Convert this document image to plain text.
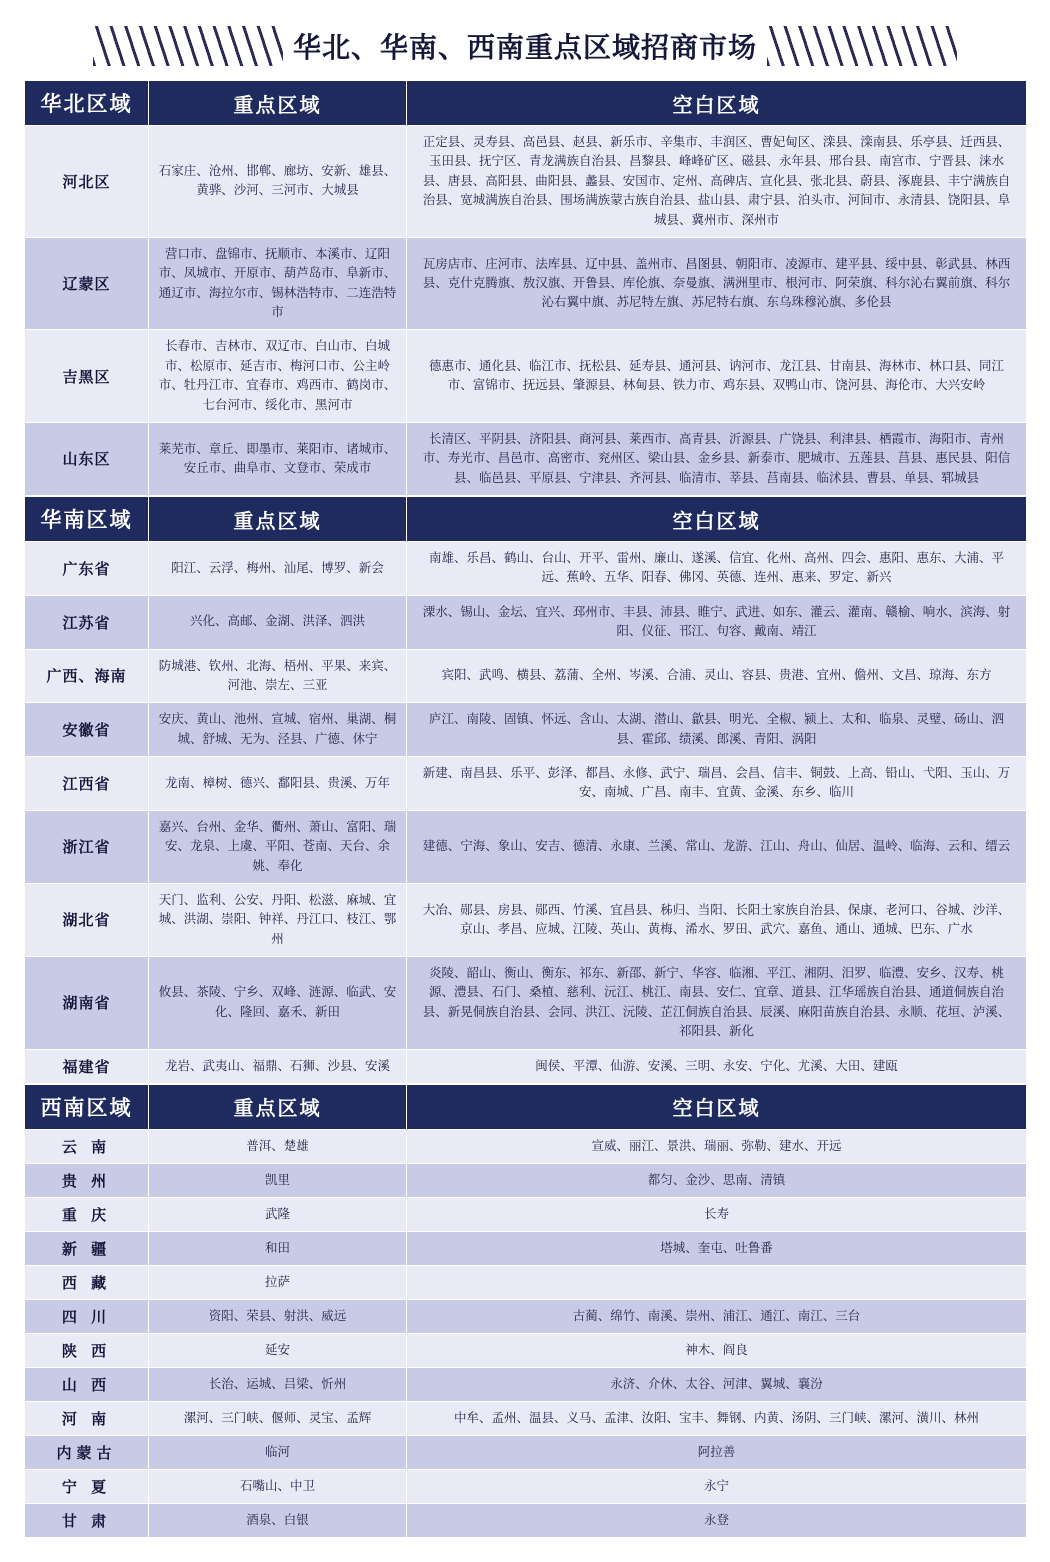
华北、华南、西南重点区域招商市场
华北区域	重点区域	空白区域
河北区	石家庄、沧州、邯郸、廊坊、安新、雄县、黄骅、沙河、三河市、大城县	正定县、灵寿县、高邑县、赵县、新乐市、辛集市、丰润区、曹妃甸区、滦县、滦南县、乐亭县、迁西县、玉田县、抚宁区、青龙满族自治县、昌黎县、峰峰矿区、磁县、永年县、邢台县、南宫市、宁晋县、涞水县、唐县、高阳县、曲阳县、蠡县、安国市、定州、高碑店、宣化县、张北县、蔚县、涿鹿县、丰宁满族自治县、宽城满族自治县、围场满族蒙古族自治县、盐山县、肃宁县、泊头市、河间市、永清县、饶阳县、阜城县、冀州市、深州市
辽蒙区	营口市、盘锦市、抚顺市、本溪市、辽阳市、凤城市、开原市、葫芦岛市、阜新市、通辽市、海拉尔市、锡林浩特市、二连浩特市	瓦房店市、庄河市、法库县、辽中县、盖州市、昌图县、朝阳市、凌源市、建平县、绥中县、彰武县、林西县、克什克腾旗、敖汉旗、开鲁县、库伦旗、奈曼旗、满洲里市、根河市、阿荣旗、科尔沁右翼前旗、科尔沁右翼中旗、苏尼特左旗、苏尼特右旗、东乌珠穆沁旗、多伦县
吉黑区	长春市、吉林市、双辽市、白山市、白城市、松原市、延吉市、梅河口市、公主岭市、牡丹江市、宜春市、鸡西市、鹤岗市、七台河市、绥化市、黑河市	德惠市、通化县、临江市、抚松县、延寿县、通河县、讷河市、龙江县、甘南县、海林市、林口县、同江市、富锦市、抚远县、肇源县、林甸县、铁力市、鸡东县、双鸭山市、饶河县、海伦市、大兴安岭
山东区	莱芜市、章丘、即墨市、莱阳市、诸城市、安丘市、曲阜市、文登市、荣成市	长清区、平阴县、济阳县、商河县、莱西市、高青县、沂源县、广饶县、利津县、栖霞市、海阳市、青州市、寿光市、昌邑市、高密市、兖州区、梁山县、金乡县、新泰市、肥城市、五莲县、莒县、惠民县、阳信县、临邑县、平原县、宁津县、齐河县、临清市、莘县、莒南县、临沭县、曹县、单县、郓城县
华南区域	重点区域	空白区域
广东省	阳江、云浮、梅州、汕尾、博罗、新会	南雄、乐昌、鹤山、台山、开平、雷州、廉山、遂溪、信宜、化州、高州、四会、惠阳、惠东、大浦、平远、蕉岭、五华、阳春、佛冈、英德、连州、惠来、罗定、新兴
江苏省	兴化、高邮、金湖、洪泽、泗洪	溧水、锡山、金坛、宜兴、邳州市、丰县、沛县、睢宁、武进、如东、灌云、灌南、赣榆、响水、滨海、射阳、仪征、邗江、句容、戴南、靖江
广西、海南	防城港、钦州、北海、梧州、平果、来宾、河池、崇左、三亚	宾阳、武鸣、横县、荔蒲、全州、岑溪、合浦、灵山、容县、贵港、宜州、儋州、文昌、琼海、东方
安徽省	安庆、黄山、池州、宣城、宿州、巢湖、桐城、舒城、无为、泾县、广德、休宁	庐江、南陵、固镇、怀远、含山、太湖、潜山、歙县、明光、全椒、颍上、太和、临泉、灵璧、砀山、泗县、霍邱、绩溪、郎溪、青阳、涡阳
江西省	龙南、樟树、德兴、鄱阳县、贵溪、万年	新建、南昌县、乐平、彭泽、都昌、永修、武宁、瑞昌、会昌、信丰、铜鼓、上高、铅山、弋阳、玉山、万安、南城、广昌、南丰、宜黄、金溪、东乡、临川
浙江省	嘉兴、台州、金华、衢州、萧山、富阳、瑞安、龙泉、上虞、平阳、苍南、天台、余姚、奉化	建德、宁海、象山、安吉、德清、永康、兰溪、常山、龙游、江山、舟山、仙居、温岭、临海、云和、缙云
湖北省	天门、监利、公安、丹阳、松滋、麻城、宜城、洪湖、崇阳、钟祥、丹江口、枝江、鄂州	大冶、郧县、房县、郧西、竹溪、宜昌县、秭归、当阳、长阳土家族自治县、保康、老河口、谷城、沙洋、京山、孝昌、应城、江陵、英山、黄梅、浠水、罗田、武穴、嘉鱼、通山、通城、巴东、广水
湖南省	攸县、茶陵、宁乡、双峰、涟源、临武、安化、隆回、嘉禾、新田	炎陵、韶山、衡山、衡东、祁东、新邵、新宁、华容、临湘、平江、湘阴、汨罗、临澧、安乡、汉寿、桃源、澧县、石门、桑植、慈利、沅江、桃江、南县、安仁、宜章、道县、江华瑶族自治县、通道侗族自治县、新晃侗族自治县、会同、洪江、沅陵、芷江侗族自治县、辰溪、麻阳苗族自治县、永顺、花垣、泸溪、祁阳县、新化
福建省	龙岩、武夷山、福鼎、石狮、沙县、安溪	闽侯、平潭、仙游、安溪、三明、永安、宁化、尤溪、大田、建瓯
西南区域	重点区域	空白区域
云 南	普洱、楚雄	宣威、丽江、景洪、瑞丽、弥勒、建水、开远
贵 州	凯里	都匀、金沙、思南、清镇
重 庆	武隆	长寿
新 疆	和田	塔城、奎屯、吐鲁番
西 藏	拉萨	
四 川	资阳、荣县、射洪、威远	古蔺、绵竹、南溪、崇州、浦江、通江、南江、三台
陕 西	延安	神木、阎良
山 西	长治、运城、吕梁、忻州	永济、介休、太谷、河津、翼城、襄汾
河 南	漯河、三门峡、偃师、灵宝、孟辉	中牟、孟州、温县、义马、孟津、汝阳、宝丰、舞钢、内黄、汤阴、三门峡、漯河、潢川、林州
内蒙古	临河	阿拉善
宁 夏	石嘴山、中卫	永宁
甘 肃	酒泉、白银	永登
